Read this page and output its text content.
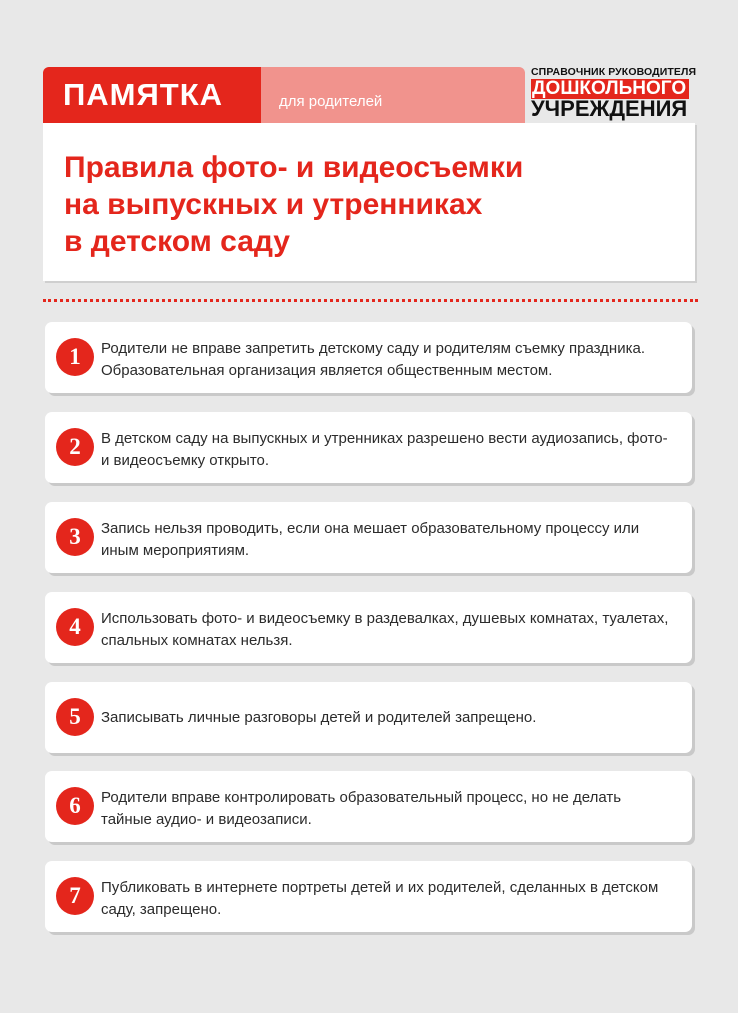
ПАМЯТКА	для родителей
СПРАВОЧНИК РУКОВОДИТЕЛЯ
ДОШКОЛЬНОГО
УЧРЕЖДЕНИЯ
Правила фото- и видеосъемки
на выпускных и утренниках
в детском саду
1	Родители не вправе запретить детскому саду и родителям съемку праздника. Образовательная организация является общественным местом.
2	В детском саду на выпускных и утренниках разрешено вести аудиозапись, фото- и видеосъемку открыто.
3	Запись нельзя проводить, если она мешает образовательному процессу или иным мероприятиям.
4	Использовать фото- и видеосъемку в раздевалках, душевых комнатах, туалетах, спальных комнатах нельзя.
5	Записывать личные разговоры детей и родителей запрещено.
6	Родители вправе контролировать образовательный процесс, но не делать тайные аудио- и видеозаписи.
7	Публиковать в интернете портреты детей и их родителей, сделанных в детском саду, запрещено.
